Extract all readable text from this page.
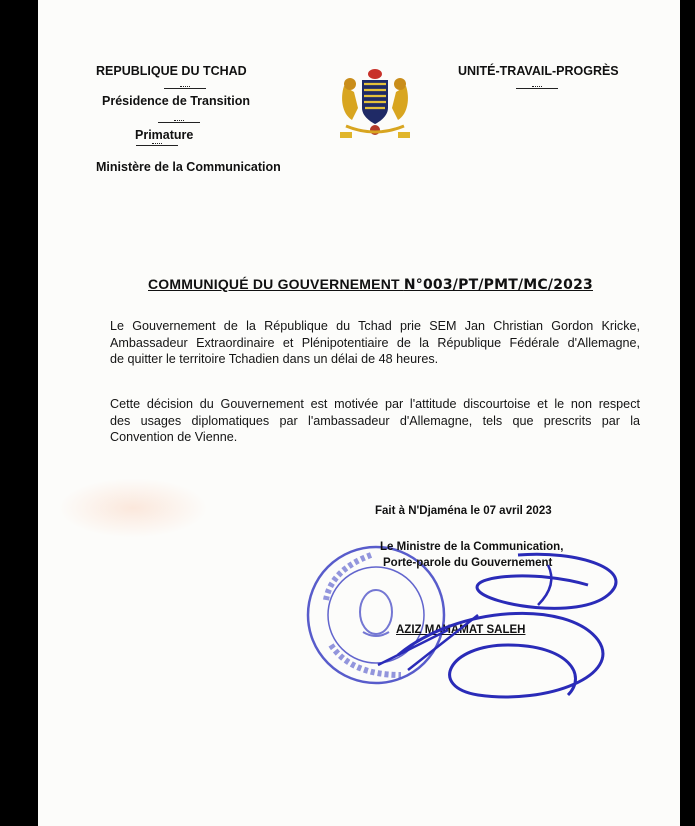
REPUBLIQUE DU TCHAD
Présidence de Transition
Primature
Ministère de la Communication
UNITÉ-TRAVAIL-PROGRÈS
COMMUNIQUÉ DU GOUVERNEMENT N°003/PT/PMT/MC/2023
Le Gouvernement de la République du Tchad prie SEM Jan Christian Gordon Kricke,
Ambassadeur Extraordinaire et Plénipotentiaire de la République Fédérale d'Allemagne,
de quitter le territoire Tchadien dans un délai de 48 heures.
Cette décision du Gouvernement est motivée par l'attitude discourtoise et le non respect
des usages diplomatiques par l'ambassadeur d'Allemagne, tels que prescrits par la
Convention de Vienne.
Fait à N'Djaména le 07 avril 2023
Le Ministre de la Communication,
Porte-parole du Gouvernement
AZIZ MAHAMAT SALEH
